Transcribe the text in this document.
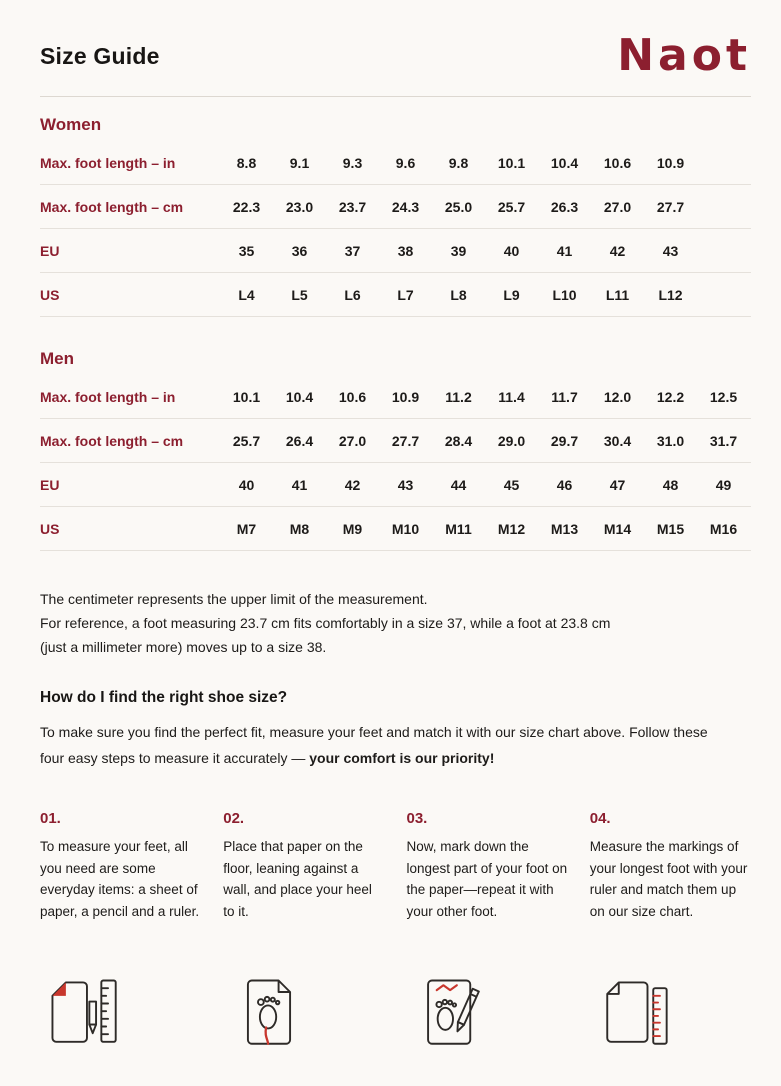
Size Guide	Naot
Women
Max. foot length – in	8.8	9.1	9.3	9.6	9.8	10.1	10.4	10.6	10.9
Max. foot length – cm	22.3	23.0	23.7	24.3	25.0	25.7	26.3	27.0	27.7
EU	35	36	37	38	39	40	41	42	43
US	L4	L5	L6	L7	L8	L9	L10	L11	L12
Men
Max. foot length – in	10.1	10.4	10.6	10.9	11.2	11.4	11.7	12.0	12.2	12.5
Max. foot length – cm	25.7	26.4	27.0	27.7	28.4	29.0	29.7	30.4	31.0	31.7
EU	40	41	42	43	44	45	46	47	48	49
US	M7	M8	M9	M10	M11	M12	M13	M14	M15	M16

The centimeter represents the upper limit of the measurement.
For reference, a foot measuring 23.7 cm fits comfortably in a size 37, while a foot at 23.8 cm
(just a millimeter more) moves up to a size 38.

How do I find the right shoe size?

To make sure you find the perfect fit, measure your feet and match it with our size chart above. Follow these four easy steps to measure it accurately — your comfort is our priority!

01.

To measure your feet, all you need are some everyday items: a sheet of paper, a pencil and a ruler.

02.

Place that paper on the floor, leaning against a wall, and place your heel to it.

03.

Now, mark down the longest part of your foot on the paper—repeat it with your other foot.

04.

Measure the markings of your longest foot with your ruler and match them up on our size chart.
